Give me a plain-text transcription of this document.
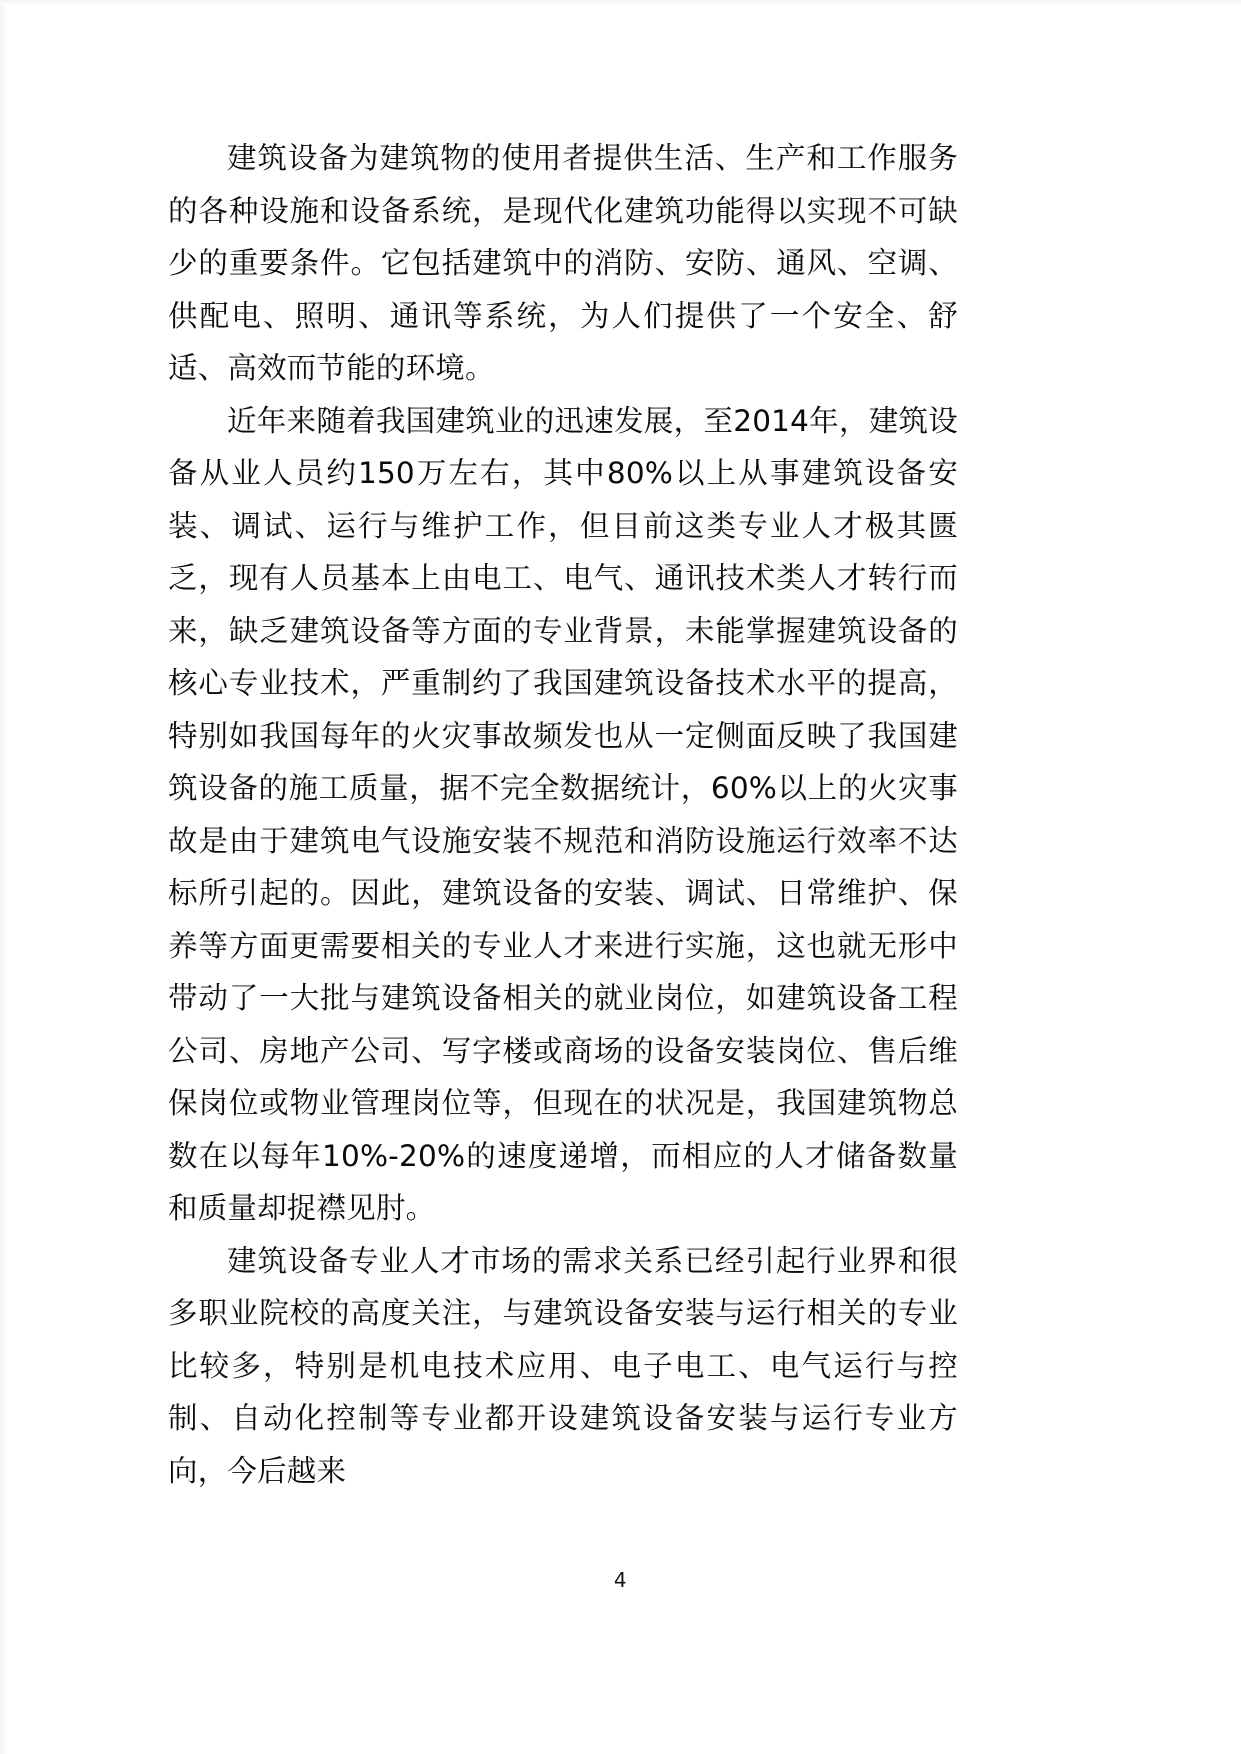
建筑设备为建筑物的使用者提供生活、生产和工作服务的各种设施和设备系统，是现代化建筑功能得以实现不可缺少的重要条件。它包括建筑中的消防、安防、通风、空调、供配电、照明、通讯等系统，为人们提供了一个安全、舒适、高效而节能的环境。

近年来随着我国建筑业的迅速发展，至2014年，建筑设备从业人员约150万左右，其中80%以上从事建筑设备安装、调试、运行与维护工作，但目前这类专业人才极其匮乏，现有人员基本上由电工、电气、通讯技术类人才转行而来，缺乏建筑设备等方面的专业背景，未能掌握建筑设备的核心专业技术，严重制约了我国建筑设备技术水平的提高，特别如我国每年的火灾事故频发也从一定侧面反映了我国建筑设备的施工质量，据不完全数据统计，60%以上的火灾事故是由于建筑电气设施安装不规范和消防设施运行效率不达标所引起的。因此，建筑设备的安装、调试、日常维护、保养等方面更需要相关的专业人才来进行实施，这也就无形中带动了一大批与建筑设备相关的就业岗位，如建筑设备工程公司、房地产公司、写字楼或商场的设备安装岗位、售后维保岗位或物业管理岗位等，但现在的状况是，我国建筑物总数在以每年10%-20%的速度递增，而相应的人才储备数量和质量却捉襟见肘。

建筑设备专业人才市场的需求关系已经引起行业界和很多职业院校的高度关注，与建筑设备安装与运行相关的专业比较多，特别是机电技术应用、电子电工、电气运行与控制、自动化控制等专业都开设建筑设备安装与运行专业方向，今后越来

4
